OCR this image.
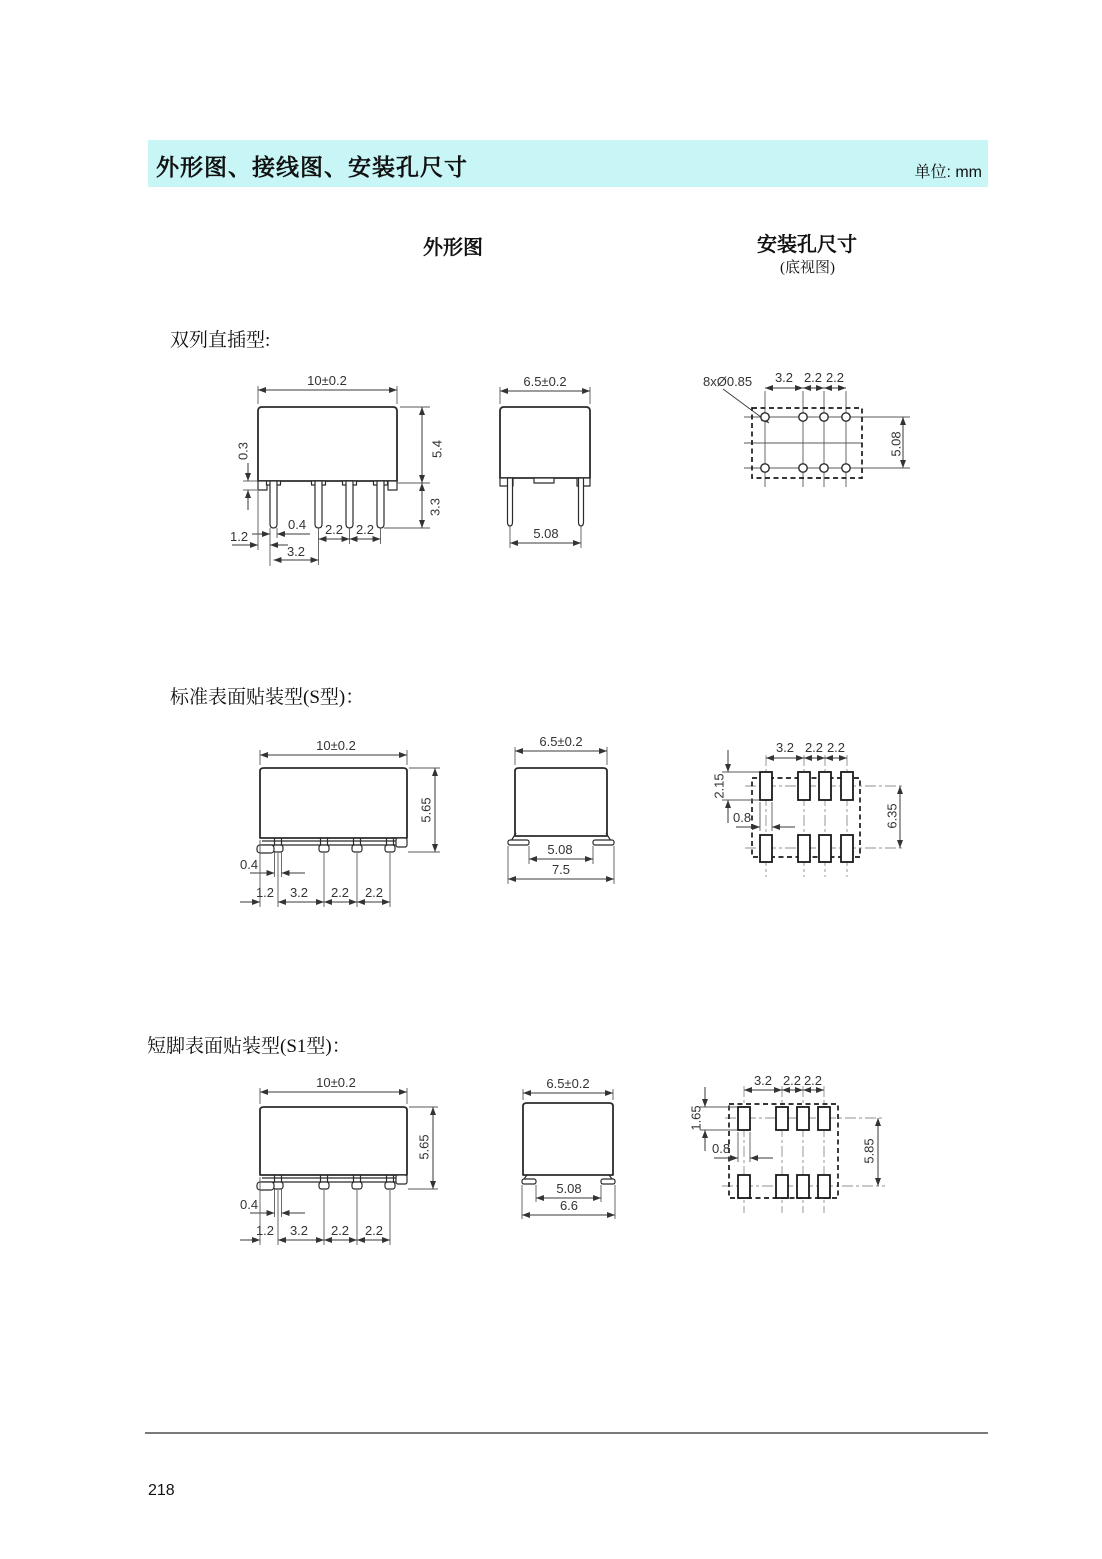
外形图、接线图、安装孔尺寸	单位: mm
外形图	安装孔尺寸
(底视图)
双列直插型:
标准表面贴装型(S型)：
短脚表面贴装型(S1型)：
10±0.2
0.3	5.4
3.3
0.4
1.2
3.2
2.2 2.2
6.5±0.2
5.08
3.2 2.2 2.2
8xØ0.85
5.08
10±0.2
5.65
0.4
1.2 3.2 2.2 2.2
6.5±0.2
5.08
7.5
3.2 2.2 2.2
2.15
0.8	6.35
10±0.2
5.65
0.4
1.2 3.2 2.2 2.2
6.5±0.2
5.08
6.6
3.2 2.2 2.2
1.65
0.8	5.85
218
